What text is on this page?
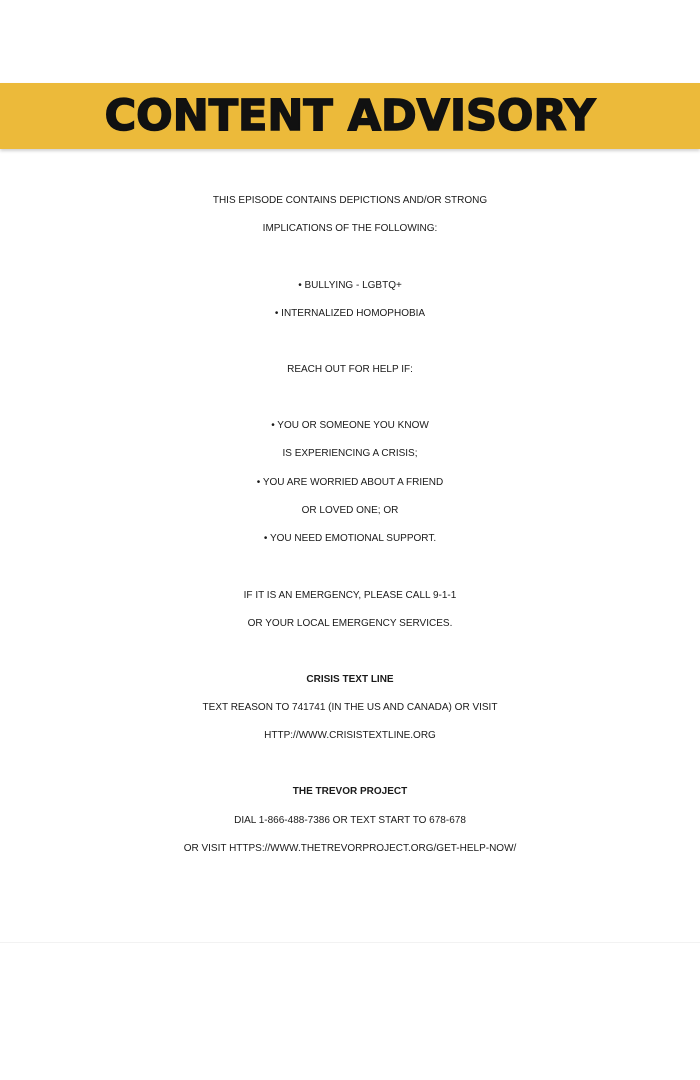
CONTENT ADVISORY
THIS EPISODE CONTAINS DEPICTIONS AND/OR STRONG
IMPLICATIONS OF THE FOLLOWING:
• BULLYING - LGBTQ+
• INTERNALIZED HOMOPHOBIA
REACH OUT FOR HELP IF:
• YOU OR SOMEONE YOU KNOW
IS EXPERIENCING A CRISIS;
• YOU ARE WORRIED ABOUT A FRIEND
OR LOVED ONE; OR
• YOU NEED EMOTIONAL SUPPORT.
IF IT IS AN EMERGENCY, PLEASE CALL 9-1-1
OR YOUR LOCAL EMERGENCY SERVICES.
CRISIS TEXT LINE
TEXT REASON TO 741741 (IN THE US AND CANADA) OR VISIT
HTTP://WWW.CRISISTEXTLINE.ORG
THE TREVOR PROJECT
DIAL 1-866-488-7386 OR TEXT START TO 678-678
OR VISIT HTTPS://WWW.THETREVORPROJECT.ORG/GET-HELP-NOW/
